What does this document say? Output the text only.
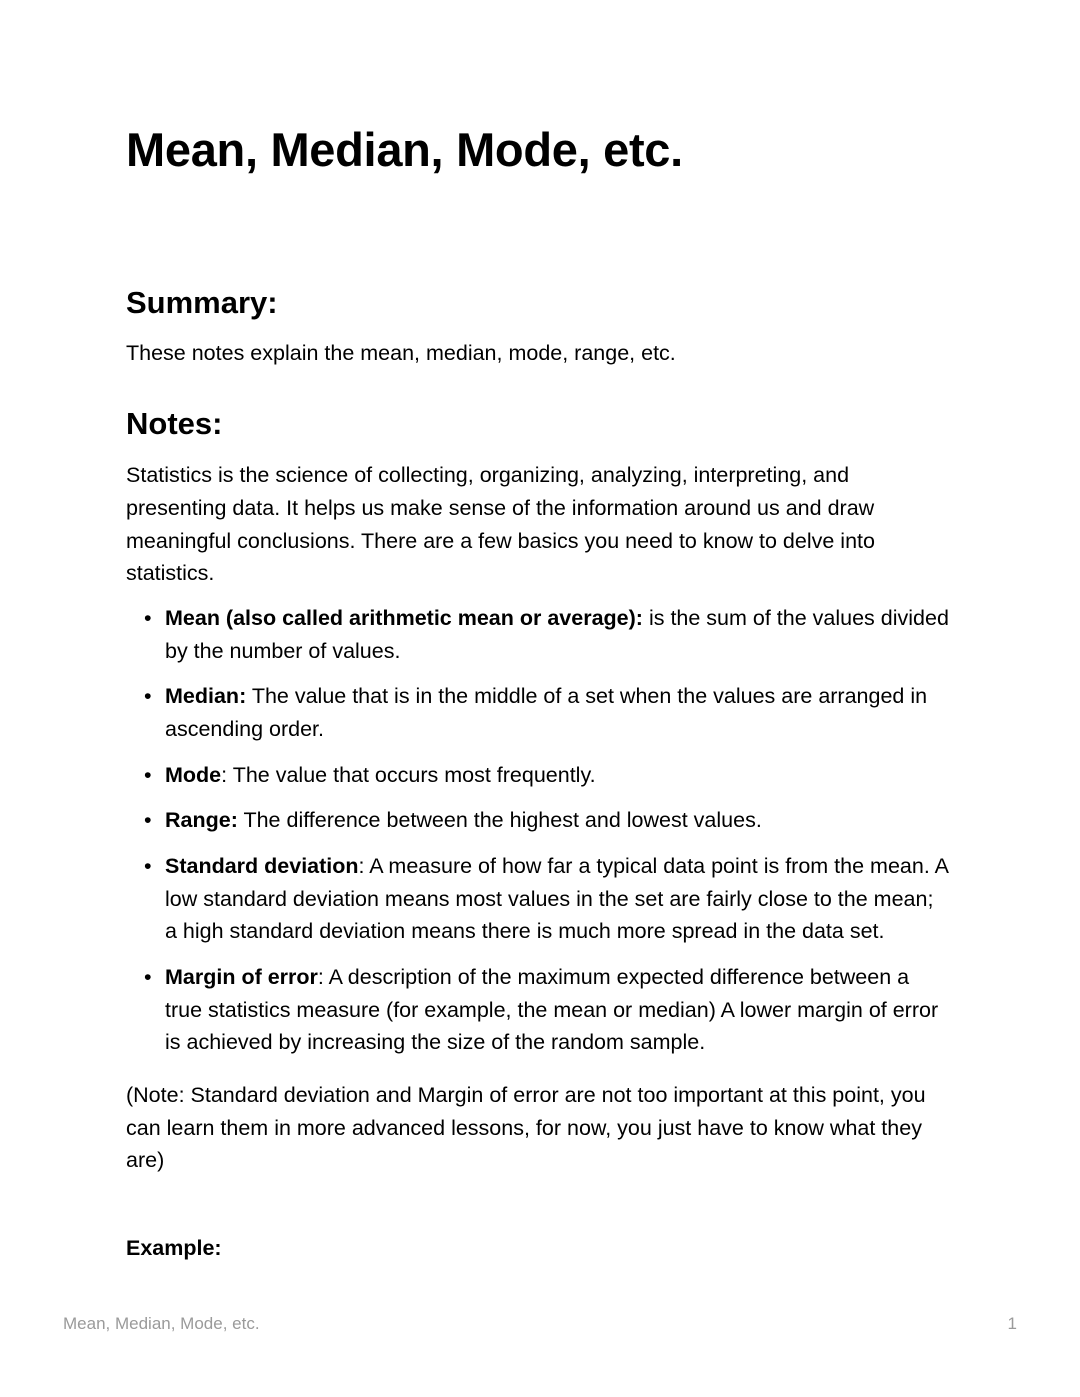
Mean, Median, Mode, etc.
Summary:

These notes explain the mean, median, mode, range, etc.

Notes:

Statistics is the science of collecting, organizing, analyzing, interpreting, and presenting data. It helps us make sense of the information around us and draw meaningful conclusions. There are a few basics you need to know to delve into statistics.

• Mean (also called arithmetic mean or average): is the sum of the values divided by the number of values.
• Median: The value that is in the middle of a set when the values are arranged in ascending order.
• Mode: The value that occurs most frequently.
• Range: The difference between the highest and lowest values.
• Standard deviation: A measure of how far a typical data point is from the mean. A low standard deviation means most values in the set are fairly close to the mean; a high standard deviation means there is much more spread in the data set.
• Margin of error: A description of the maximum expected difference between a true statistics measure (for example, the mean or median) A lower margin of error is achieved by increasing the size of the random sample.

(Note: Standard deviation and Margin of error are not too important at this point, you can learn them in more advanced lessons, for now, you just have to know what they are)

Example:

Mean, Median, Mode, etc.	1
